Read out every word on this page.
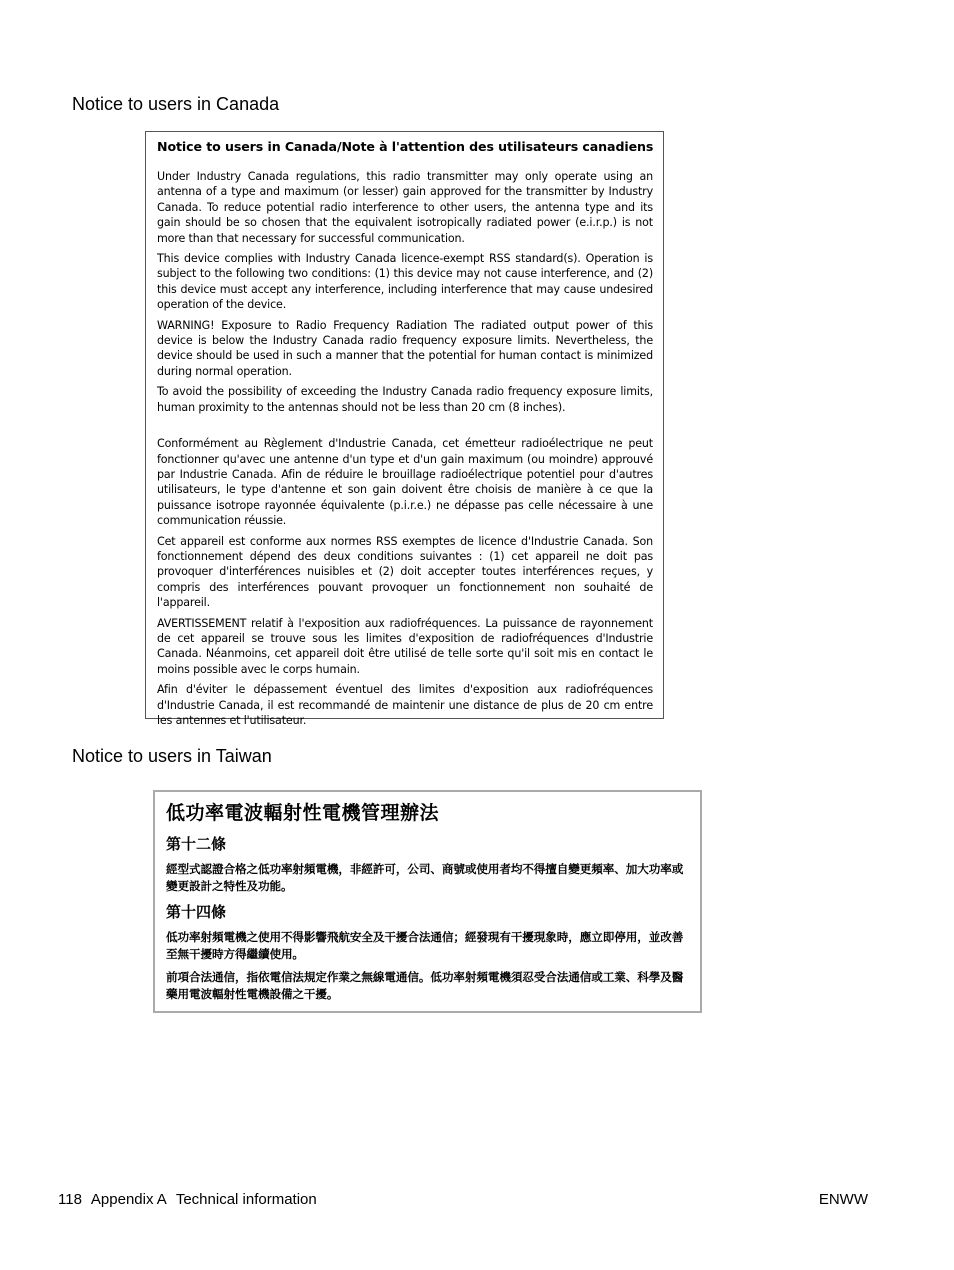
Notice to users in Canada
Notice to users in Canada/Note à l'attention des utilisateurs canadiens

Under Industry Canada regulations, this radio transmitter may only operate using an antenna of a type and maximum (or lesser) gain approved for the transmitter by Industry Canada. To reduce potential radio interference to other users, the antenna type and its gain should be so chosen that the equivalent isotropically radiated power (e.i.r.p.) is not more than that necessary for successful communication.

This device complies with Industry Canada licence-exempt RSS standard(s). Operation is subject to the following two conditions: (1) this device may not cause interference, and (2) this device must accept any interference, including interference that may cause undesired operation of the device.

WARNING! Exposure to Radio Frequency Radiation The radiated output power of this device is below the Industry Canada radio frequency exposure limits. Nevertheless, the device should be used in such a manner that the potential for human contact is minimized during normal operation.

To avoid the possibility of exceeding the Industry Canada radio frequency exposure limits, human proximity to the antennas should not be less than 20 cm (8 inches).

Conformément au Règlement d'Industrie Canada, cet émetteur radioélectrique ne peut fonctionner qu'avec une antenne d'un type et d'un gain maximum (ou moindre) approuvé par Industrie Canada. Afin de réduire le brouillage radioélectrique potentiel pour d'autres utilisateurs, le type d'antenne et son gain doivent être choisis de manière à ce que la puissance isotrope rayonnée équivalente (p.i.r.e.) ne dépasse pas celle nécessaire à une communication réussie.

Cet appareil est conforme aux normes RSS exemptes de licence d'Industrie Canada. Son fonctionnement dépend des deux conditions suivantes : (1) cet appareil ne doit pas provoquer d'interférences nuisibles et (2) doit accepter toutes interférences reçues, y compris des interférences pouvant provoquer un fonctionnement non souhaité de l'appareil.

AVERTISSEMENT relatif à l'exposition aux radiofréquences. La puissance de rayonnement de cet appareil se trouve sous les limites d'exposition de radiofréquences d'Industrie Canada. Néanmoins, cet appareil doit être utilisé de telle sorte qu'il soit mis en contact le moins possible avec le corps humain.

Afin d'éviter le dépassement éventuel des limites d'exposition aux radiofréquences d'Industrie Canada, il est recommandé de maintenir une distance de plus de 20 cm entre les antennes et l'utilisateur.

Notice to users in Taiwan
低功率電波輻射性電機管理辦法
第十二條

經型式認證合格之低功率射頻電機，非經許可，公司、商號或使用者均不得擅自變更頻率、加大功率或變更設計之特性及功能。

第十四條

低功率射頻電機之使用不得影響飛航安全及干擾合法通信；經發現有干擾現象時，應立即停用，並改善至無干擾時方得繼續使用。

前項合法通信，指依電信法規定作業之無線電通信。低功率射頻電機須忍受合法通信或工業、科學及醫藥用電波輻射性電機設備之干擾。

118 Appendix A Technical information	ENWW
